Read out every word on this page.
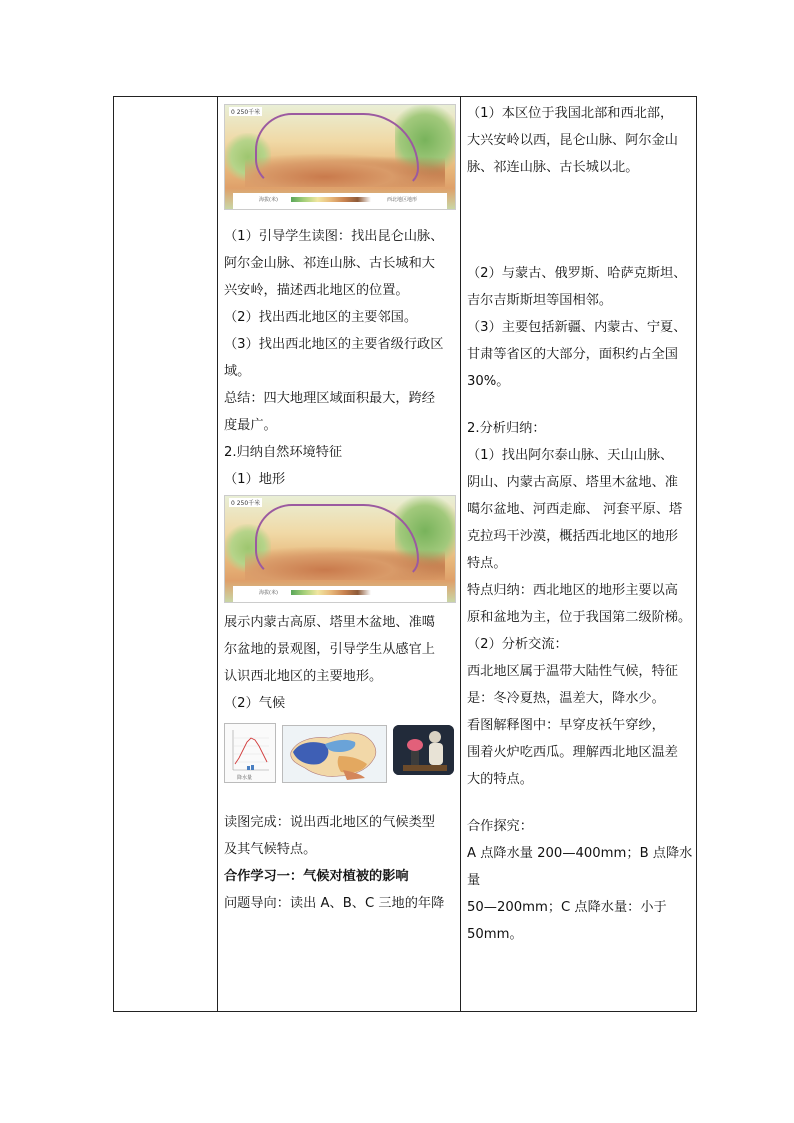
0 250千米
海拔(米)	西北地区地形

（1）引导学生读图：找出昆仑山脉、

阿尔金山脉、祁连山脉、古长城和大

兴安岭，描述西北地区的位置。

（2）找出西北地区的主要邻国。

（3）找出西北地区的主要省级行政区

域。

总结：四大地理区域面积最大，跨经

度最广。

2.归纳自然环境特征

（1）地形

0 250千米
海拔(米)

展示内蒙古高原、塔里木盆地、准噶

尔盆地的景观图，引导学生从感官上

认识西北地区的主要地形。

（2）气候

降水量

读图完成：说出西北地区的气候类型

及其气候特点。

合作学习一：气候对植被的影响

问题导向：读出 A、B、C 三地的年降

（1）本区位于我国北部和西北部，

大兴安岭以西，昆仑山脉、阿尔金山

脉、祁连山脉、古长城以北。

（2）与蒙古、俄罗斯、哈萨克斯坦、

吉尔吉斯斯坦等国相邻。

（3）主要包括新疆、内蒙古、宁夏、

甘肃等省区的大部分，面积约占全国

30%。

2.分析归纳：

（1）找出阿尔泰山脉、天山山脉、

阴山、内蒙古高原、塔里木盆地、准

噶尔盆地、河西走廊、 河套平原、塔

克拉玛干沙漠，概括西北地区的地形

特点。

特点归纳：西北地区的地形主要以高

原和盆地为主，位于我国第二级阶梯。

（2）分析交流：

西北地区属于温带大陆性气候，特征

是：冬冷夏热，温差大，降水少。

看图解释图中：早穿皮袄午穿纱，

围着火炉吃西瓜。理解西北地区温差

大的特点。

合作探究：

A 点降水量 200—400mm；B 点降水量

50—200mm；C 点降水量：小于 50mm。
